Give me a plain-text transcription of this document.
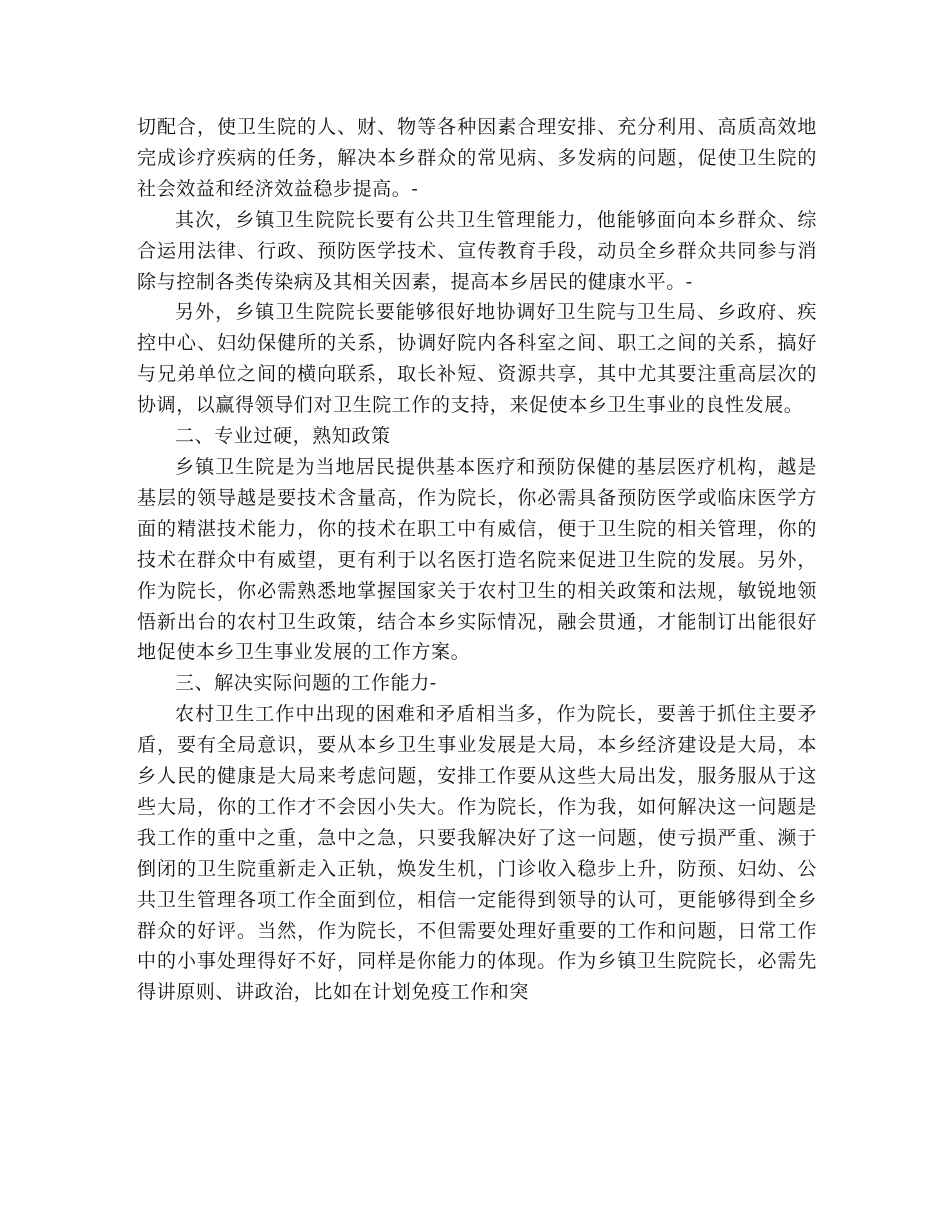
切配合，使卫生院的人、财、物等各种因素合理安排、充分利用、高质高效地完成诊疗疾病的任务，解决本乡群众的常见病、多发病的问题，促使卫生院的社会效益和经济效益稳步提高。-

其次，乡镇卫生院院长要有公共卫生管理能力，他能够面向本乡群众、综合运用法律、行政、预防医学技术、宣传教育手段，动员全乡群众共同参与消除与控制各类传染病及其相关因素，提高本乡居民的健康水平。-

另外，乡镇卫生院院长要能够很好地协调好卫生院与卫生局、乡政府、疾控中心、妇幼保健所的关系，协调好院内各科室之间、职工之间的关系，搞好与兄弟单位之间的横向联系，取长补短、资源共享，其中尤其要注重高层次的协调，以赢得领导们对卫生院工作的支持，来促使本乡卫生事业的良性发展。

二、专业过硬，熟知政策

乡镇卫生院是为当地居民提供基本医疗和预防保健的基层医疗机构，越是基层的领导越是要技术含量高，作为院长，你必需具备预防医学或临床医学方面的精湛技术能力，你的技术在职工中有威信，便于卫生院的相关管理，你的技术在群众中有威望，更有利于以名医打造名院来促进卫生院的发展。另外，作为院长，你必需熟悉地掌握国家关于农村卫生的相关政策和法规，敏锐地领悟新出台的农村卫生政策，结合本乡实际情况，融会贯通，才能制订出能很好地促使本乡卫生事业发展的工作方案。

三、解决实际问题的工作能力-

农村卫生工作中出现的困难和矛盾相当多，作为院长，要善于抓住主要矛盾，要有全局意识，要从本乡卫生事业发展是大局，本乡经济建设是大局，本乡人民的健康是大局来考虑问题，安排工作要从这些大局出发，服务服从于这些大局，你的工作才不会因小失大。作为院长，作为我，如何解决这一问题是我工作的重中之重，急中之急，只要我解决好了这一问题，使亏损严重、濒于倒闭的卫生院重新走入正轨，焕发生机，门诊收入稳步上升，防预、妇幼、公共卫生管理各项工作全面到位，相信一定能得到领导的认可，更能够得到全乡群众的好评。当然，作为院长，不但需要处理好重要的工作和问题，日常工作中的小事处理得好不好，同样是你能力的体现。作为乡镇卫生院院长，必需先得讲原则、讲政治，比如在计划免疫工作和突
